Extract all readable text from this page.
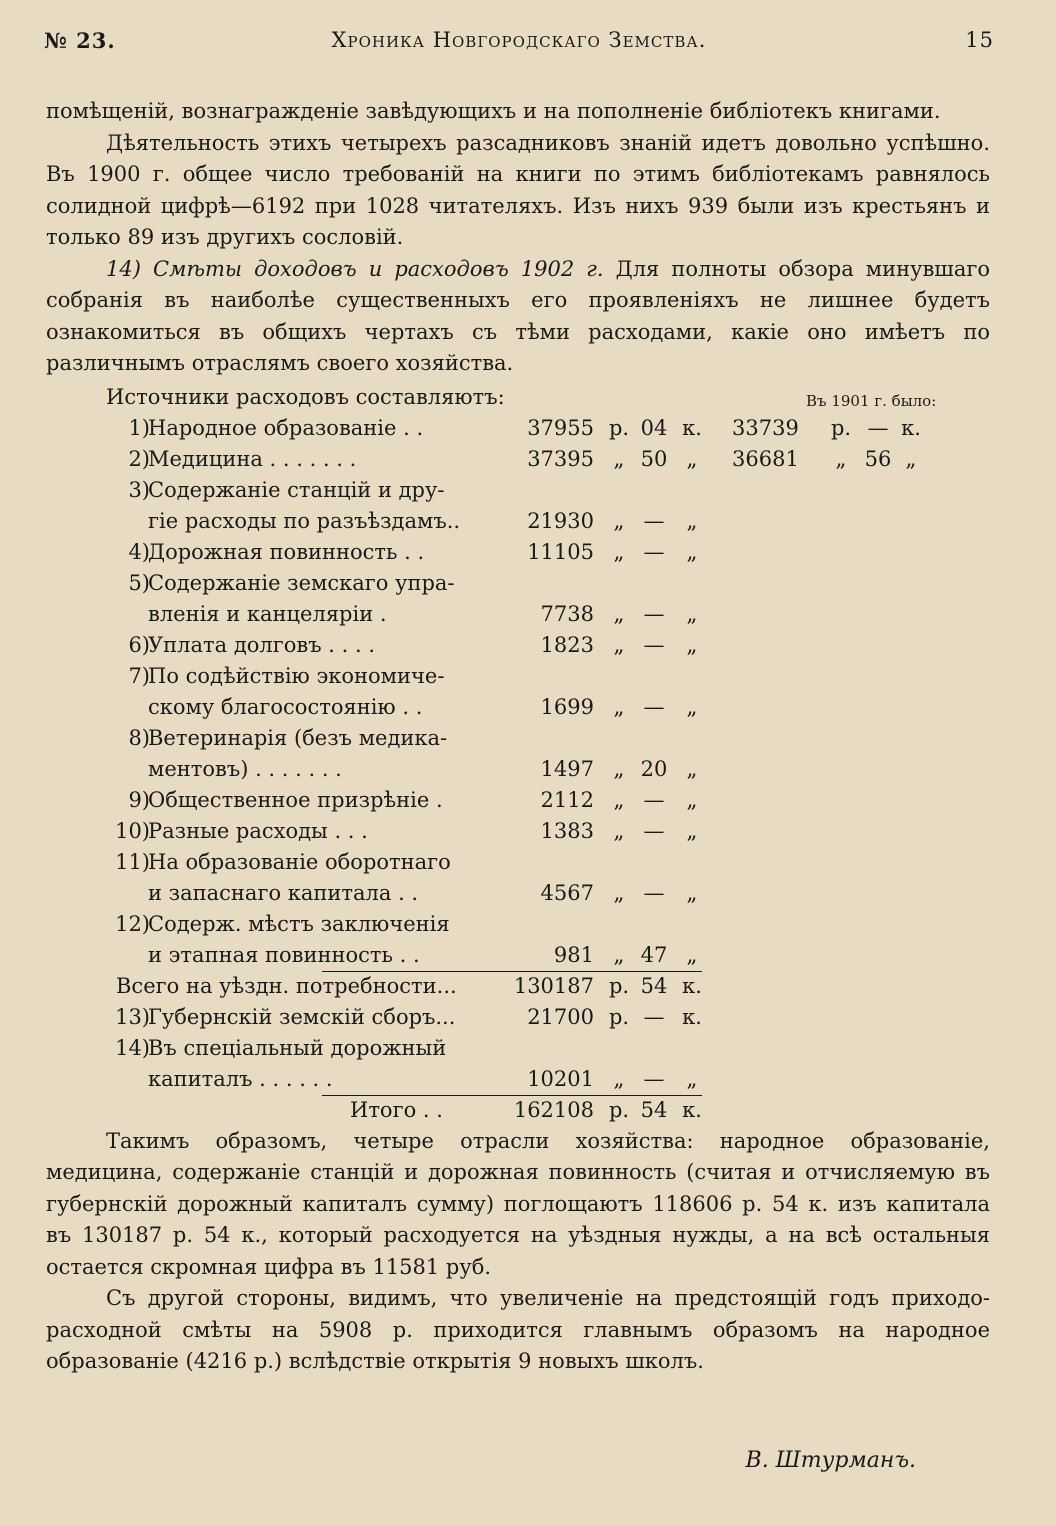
№ 23.	Хроника Новгородскаго Земства.	15

помѣщеній, вознагражденіе завѣдующихъ и на пополненіе библіотекъ книгами.

Дѣятельность этихъ четырехъ разсадниковъ знаній идетъ довольно успѣшно. Въ 1900 г. общее число требованій на книги по этимъ библіотекамъ равнялось солидной цифрѣ—6192 при 1028 читателяхъ. Изъ нихъ 939 были изъ крестьянъ и только 89 изъ другихъ сословій.

14) Смѣты доходовъ и расходовъ 1902 г. Для полноты обзора минувшаго собранія въ наиболѣе существенныхъ его проявленіяхъ не лишнее будетъ ознакомиться въ общихъ чертахъ съ тѣми расходами, какіе оно имѣетъ по различнымъ отраслямъ своего хозяйства.

Источники расходовъ составляютъ:	Въ 1901 г. было:
1)
Народное образованіе . .	37955 р. 04 к.	33739 р. — к.
2)
Медицина . . . . . . .	37395 „ 50 „	36681	„ 56 „
3)
Содержаніе станцій и дру-
гіе расходы по разъѣздамъ..	21930 „ —	„
4)
Дорожная повинность . .	11105 „ —	„
5)
Содержаніе земскаго упра-
вленія и канцеляріи .	7738 „ —	„
6)
Уплата долговъ . . . .	1823 „ —	„
7)
По содѣйствію экономиче-
скому благосостоянію . .	1699 „ —	„
8)
Ветеринарія (безъ медика-
ментовъ) . . . . . . .	1497 „ 20 „
9)
Общественное призрѣніе .	2112 „ —	„
10)
Разные расходы . . .	1383 „ —	„
11)
На образованіе оборотнаго
и запаснаго капитала . .	4567 „ —	„
12)
Содерж. мѣстъ заключенія
и этапная повинность . .	981 „ 47 „
Всего на уѣздн. потребности...	130187 р. 54 к.
13)
Губернскій земскій сборъ...	21700 р. — к.
14)
Въ спеціальный дорожный
капиталъ . . . . . .	10201 „ —	„
Итого . .	162108 р. 54 к.

Такимъ образомъ, четыре отрасли хозяйства: народное образованіе, медицина, содержаніе станцій и дорожная повинность (считая и отчисляемую въ губернскій дорожный капиталъ сумму) поглощаютъ 118606 р. 54 к. изъ капитала въ 130187 р. 54 к., который расходуется на уѣздныя нужды, а на всѣ остальныя остается скромная цифра въ 11581 руб.

Съ другой стороны, видимъ, что увеличеніе на предстоящій годъ приходо-расходной смѣты на 5908 р. приходится главнымъ образомъ на народное образованіе (4216 р.) вслѣдствіе открытія 9 новыхъ школъ.

В. Штурманъ.
